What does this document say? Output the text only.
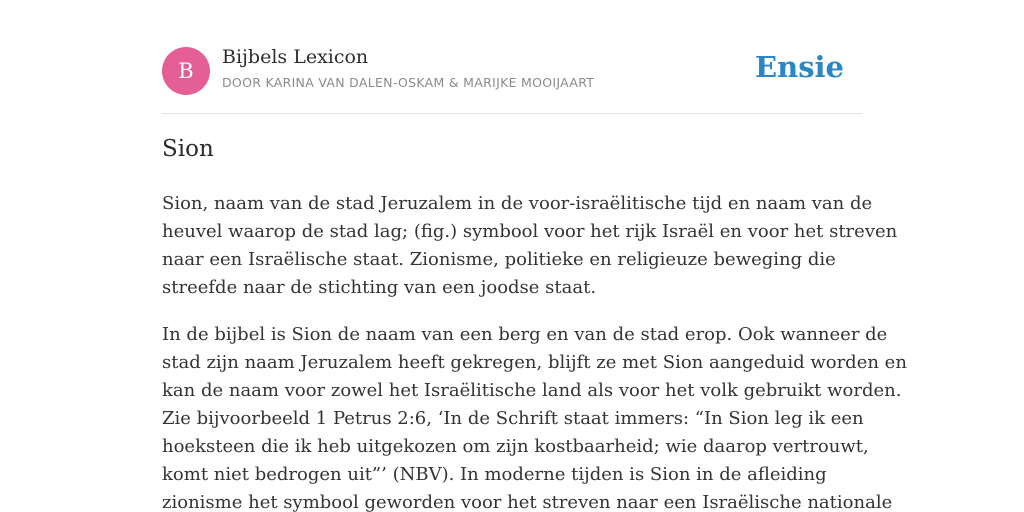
B
Bijbels Lexicon
DOOR KARINA VAN DALEN-OSKAM & MARIJKE MOOIJAART	Ensie
Sion
Sion, naam van de stad Jeruzalem in de voor-israëlitische tijd en naam van de
heuvel waarop de stad lag; (fig.) symbool voor het rijk Israël en voor het streven
naar een Israëlische staat. Zionisme, politieke en religieuze beweging die
streefde naar de stichting van een joodse staat.
In de bijbel is Sion de naam van een berg en van de stad erop. Ook wanneer de
stad zijn naam Jeruzalem heeft gekregen, blijft ze met Sion aangeduid worden en
kan de naam voor zowel het Israëlitische land als voor het volk gebruikt worden.
Zie bijvoorbeeld 1 Petrus 2:6, ‘In de Schrift staat immers: “In Sion leg ik een
hoeksteen die ik heb uitgekozen om zijn kostbaarheid; wie daarop vertrouwt,
komt niet bedrogen uit”’ (NBV). In moderne tijden is Sion in de afleiding
zionisme het symbool geworden voor het streven naar een Israëlische nationale
